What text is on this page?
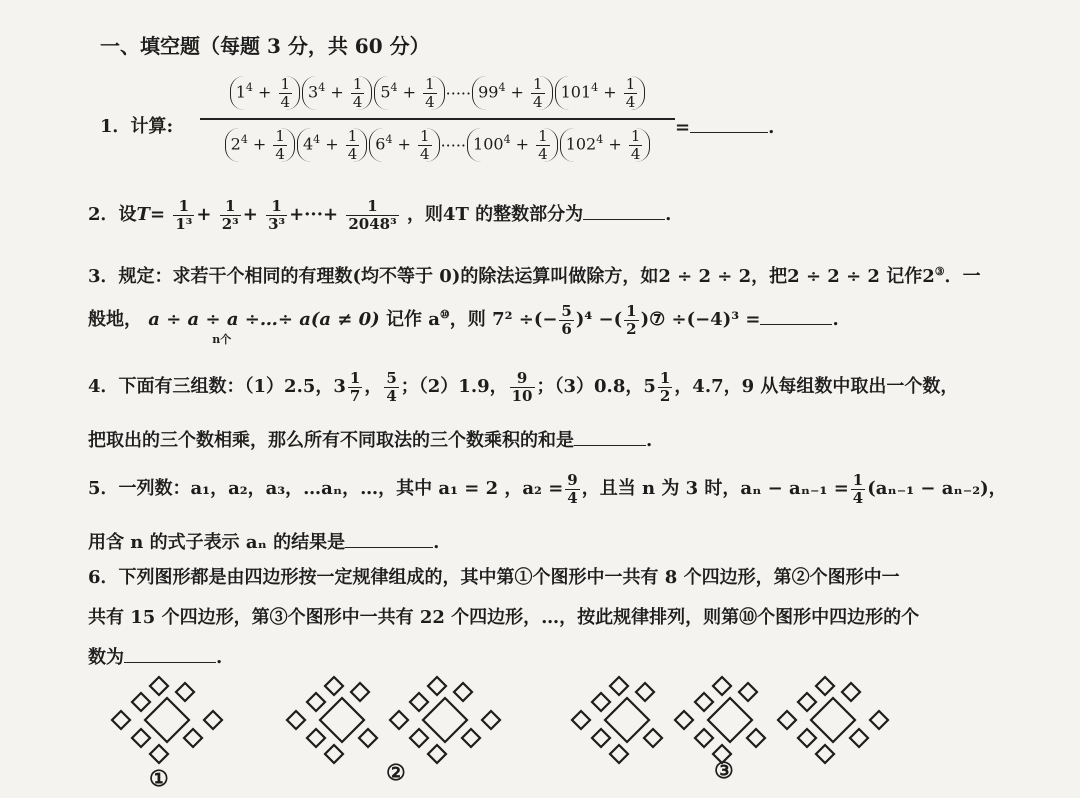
一、填空题（每题 3 分，共 60 分）
1．计算: $1^4 + \frac{1}{4}$	$3^4 + \frac{1}{4}$	$5^4 + \frac{1}{4}$ ····· $99^4 + \frac{1}{4}$	$101^4 + \frac{1}{4}$
$2^4 + \frac{1}{4}$	$4^4 + \frac{1}{4}$	$6^4 + \frac{1}{4}$ ····· $100^4 + \frac{1}{4}$	$102^4 + \frac{1}{4}$ =	.
2．设$T= \frac{1}{\text{1³}} + \frac{1}{\text{2³}} + \frac{1}{\text{3³}}$ +···+ $\frac{1}{\text{2048³}}$ ，则4T 的整数部分为	.
3．规定：求若干个相同的有理数(均不等于 0)的除法运算叫做除方，如2 ÷ 2 ÷ 2，把2 ÷ 2 ÷ 2 记作2③．一
般地， a ÷ a ÷ a ÷…÷ a(a ≠ 0)
n个
记作 a⑩，则 7² ÷(− $\frac{5}{6} )^4$ −( $\frac{1}{2}$ )⑦ ÷(−4)³ =	.
4．下面有三组数：（1）2.5，$3 \frac{1}{7}$ ， $\frac{5}{4}$ ；（2）1.9， $\frac{9}{10}$ ；（3）0.8，$5 \frac{1}{2}$ ，4.7，9 从每组数中取出一个数，
把取出的三个数相乘，那么所有不同取法的三个数乘积的和是	.
5．一列数：a₁，a₂，a₃，…aₙ，…，其中 a₁ = 2 ，$a_2 = \frac{9}{4}$ ，且当 n 为 3 时，$a_n - a_{n-1} = \frac{1}{4} (a_{n-1} - a_{n-2})$，
用含 n 的式子表示 aₙ 的结果是	.
6．下列图形都是由四边形按一定规律组成的，其中第①个图形中一共有 8 个四边形，第②个图形中一
共有 15 个四边形，第③个图形中一共有 22 个四边形，…，按此规律排列，则第⑩个图形中四边形的个
数为	.
①	②	③
